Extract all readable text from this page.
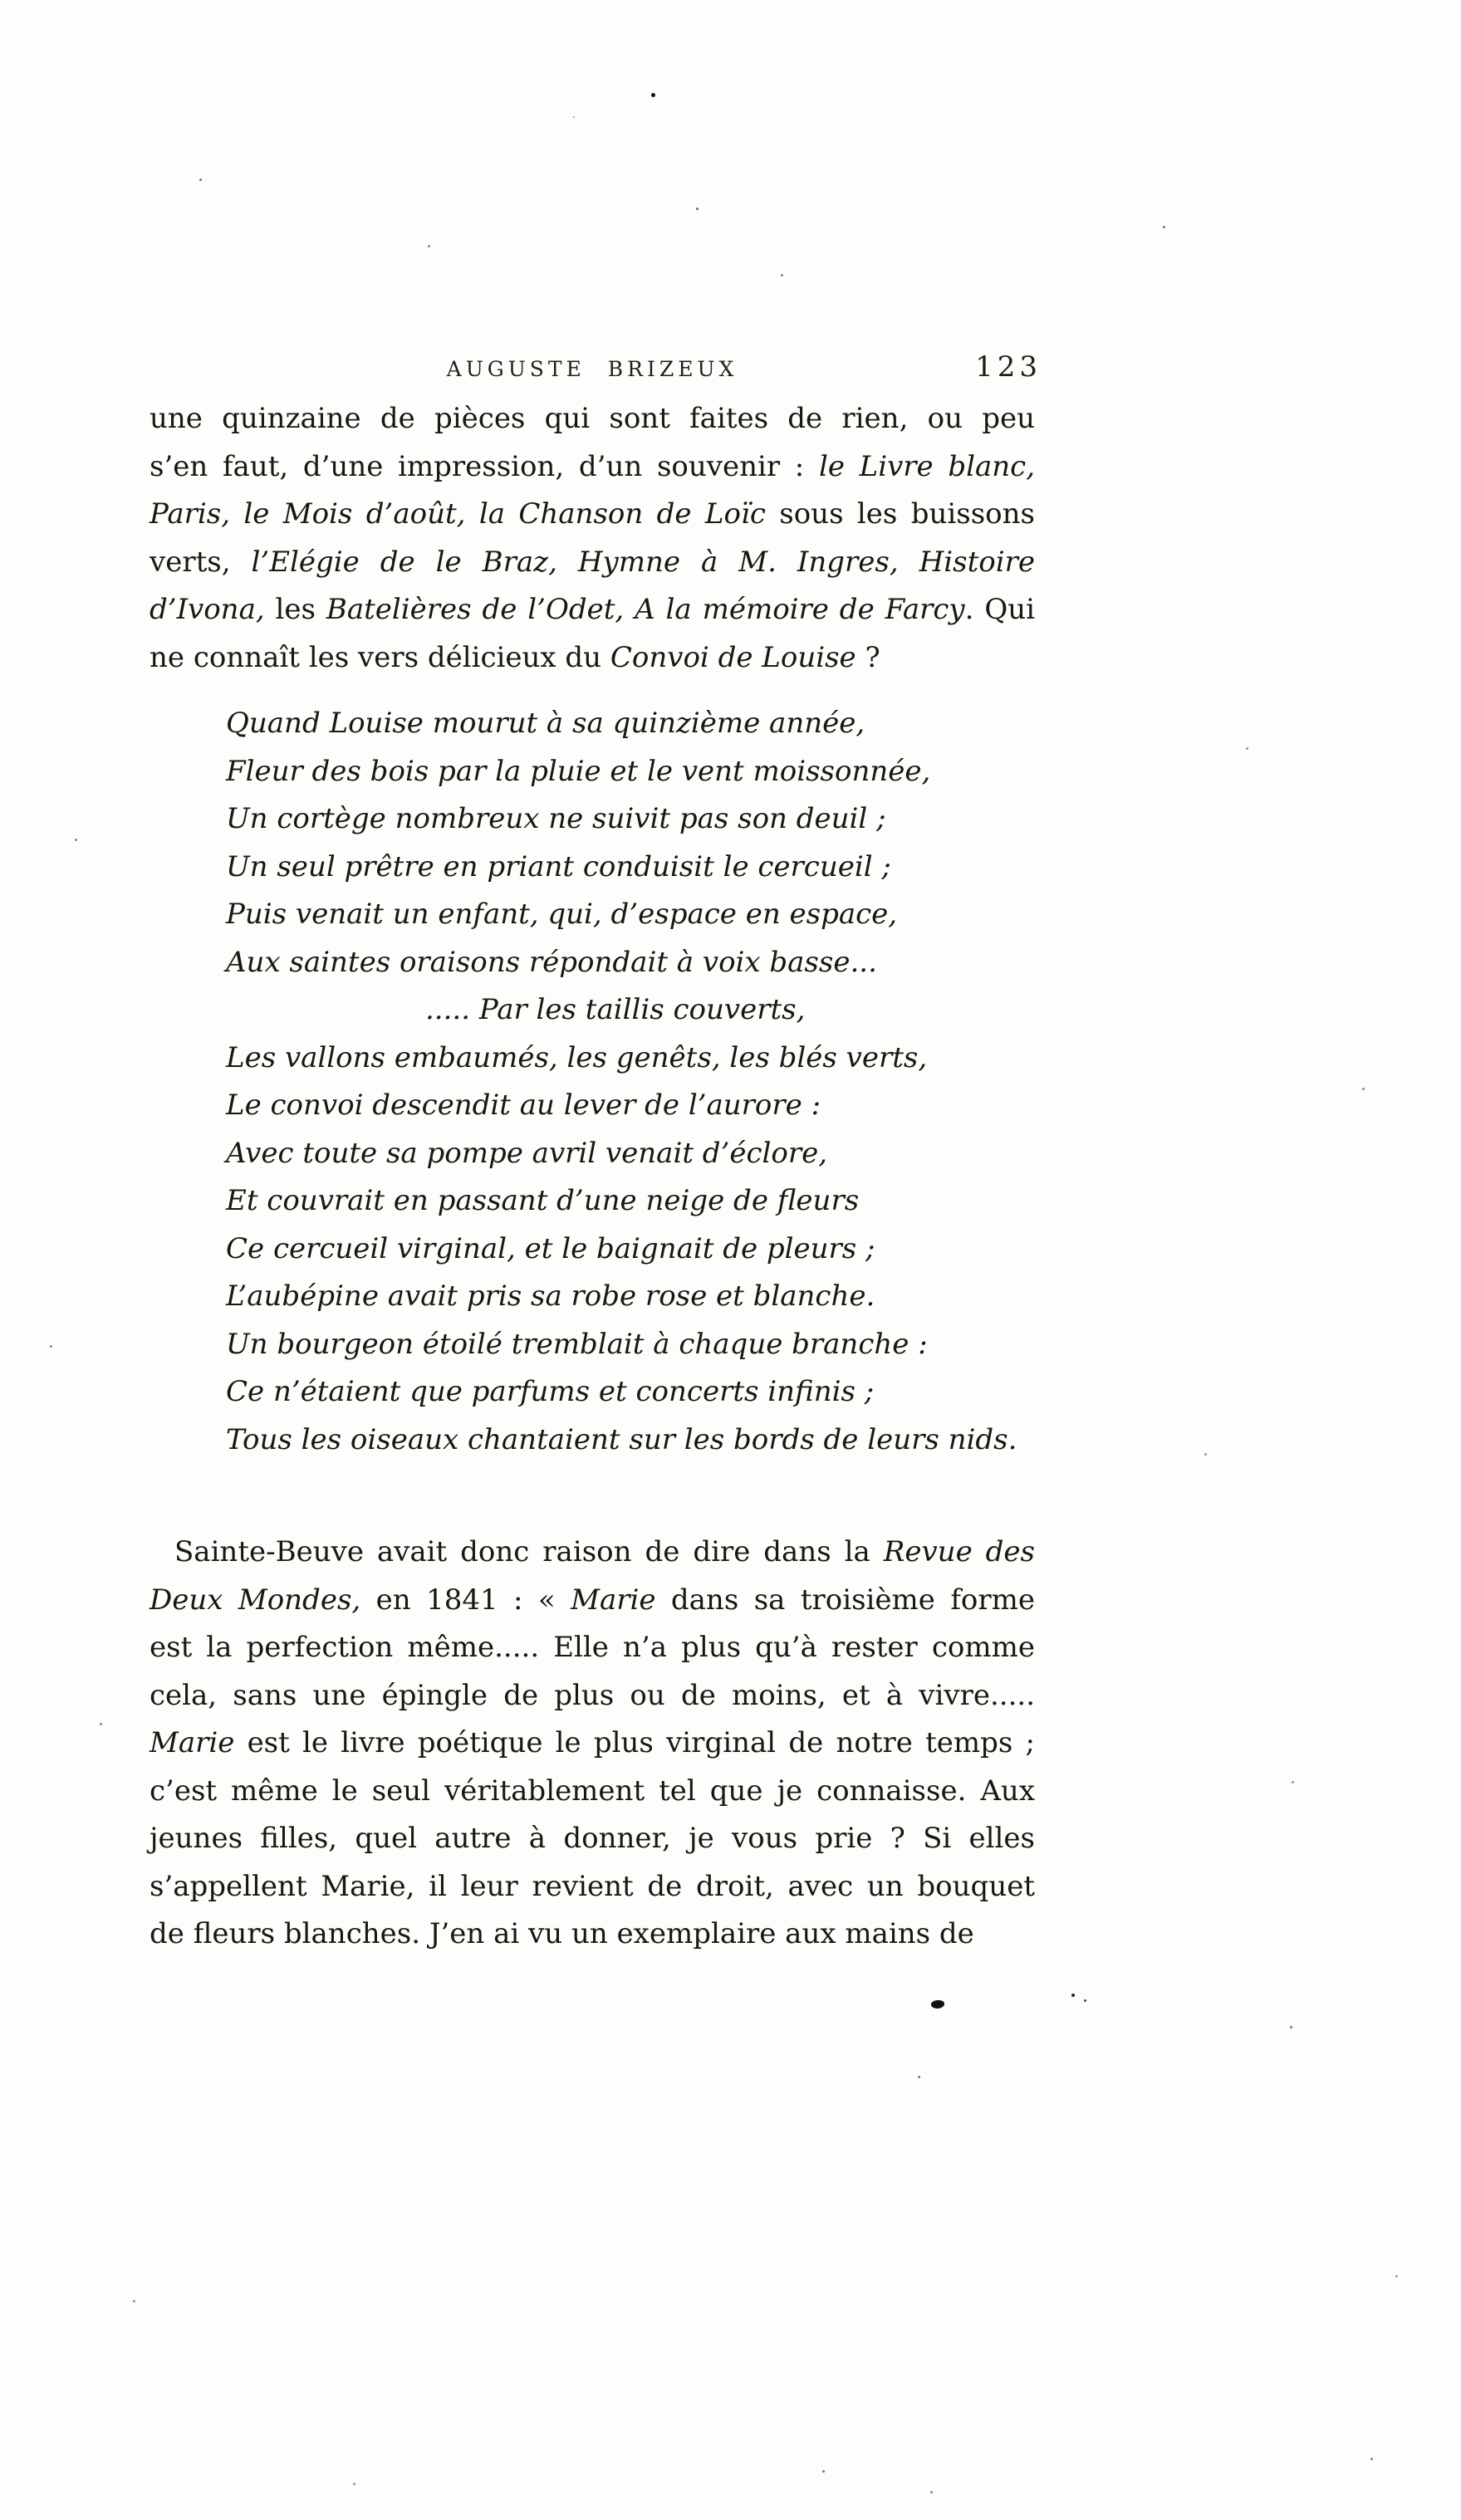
AUGUSTE BRIZEUX	123
une quinzaine de pièces qui sont faites de rien, ou peu
s’en faut, d’une impression, d’un souvenir : le Livre blanc,
Paris, le Mois d’août, la Chanson de Loïc sous les buissons
verts, l’Elégie de le Braz, Hymne à M. Ingres, Histoire
d’Ivona, les Batelières de l’Odet, A la mémoire de Farcy. Qui
ne connaît les vers délicieux du Convoi de Louise ?
Quand Louise mourut à sa quinzième année,
Fleur des bois par la pluie et le vent moissonnée,
Un cortège nombreux ne suivit pas son deuil ;
Un seul prêtre en priant conduisit le cercueil ;
Puis venait un enfant, qui, d’espace en espace,
Aux saintes oraisons répondait à voix basse...
..... Par les taillis couverts,
Les vallons embaumés, les genêts, les blés verts,
Le convoi descendit au lever de l’aurore :
Avec toute sa pompe avril venait d’éclore,
Et couvrait en passant d’une neige de fleurs
Ce cercueil virginal, et le baignait de pleurs ;
L’aubépine avait pris sa robe rose et blanche.
Un bourgeon étoilé tremblait à chaque branche :
Ce n’étaient que parfums et concerts infinis ;
Tous les oiseaux chantaient sur les bords de leurs nids.
Sainte-Beuve avait donc raison de dire dans la Revue des
Deux Mondes, en 1841 : « Marie dans sa troisième forme
est la perfection même..... Elle n’a plus qu’à rester comme
cela, sans une épingle de plus ou de moins, et à vivre.....
Marie est le livre poétique le plus virginal de notre temps ;
c’est même le seul véritablement tel que je connaisse. Aux
jeunes filles, quel autre à donner, je vous prie ? Si elles
s’appellent Marie, il leur revient de droit, avec un bouquet
de fleurs blanches. J’en ai vu un exemplaire aux mains de
